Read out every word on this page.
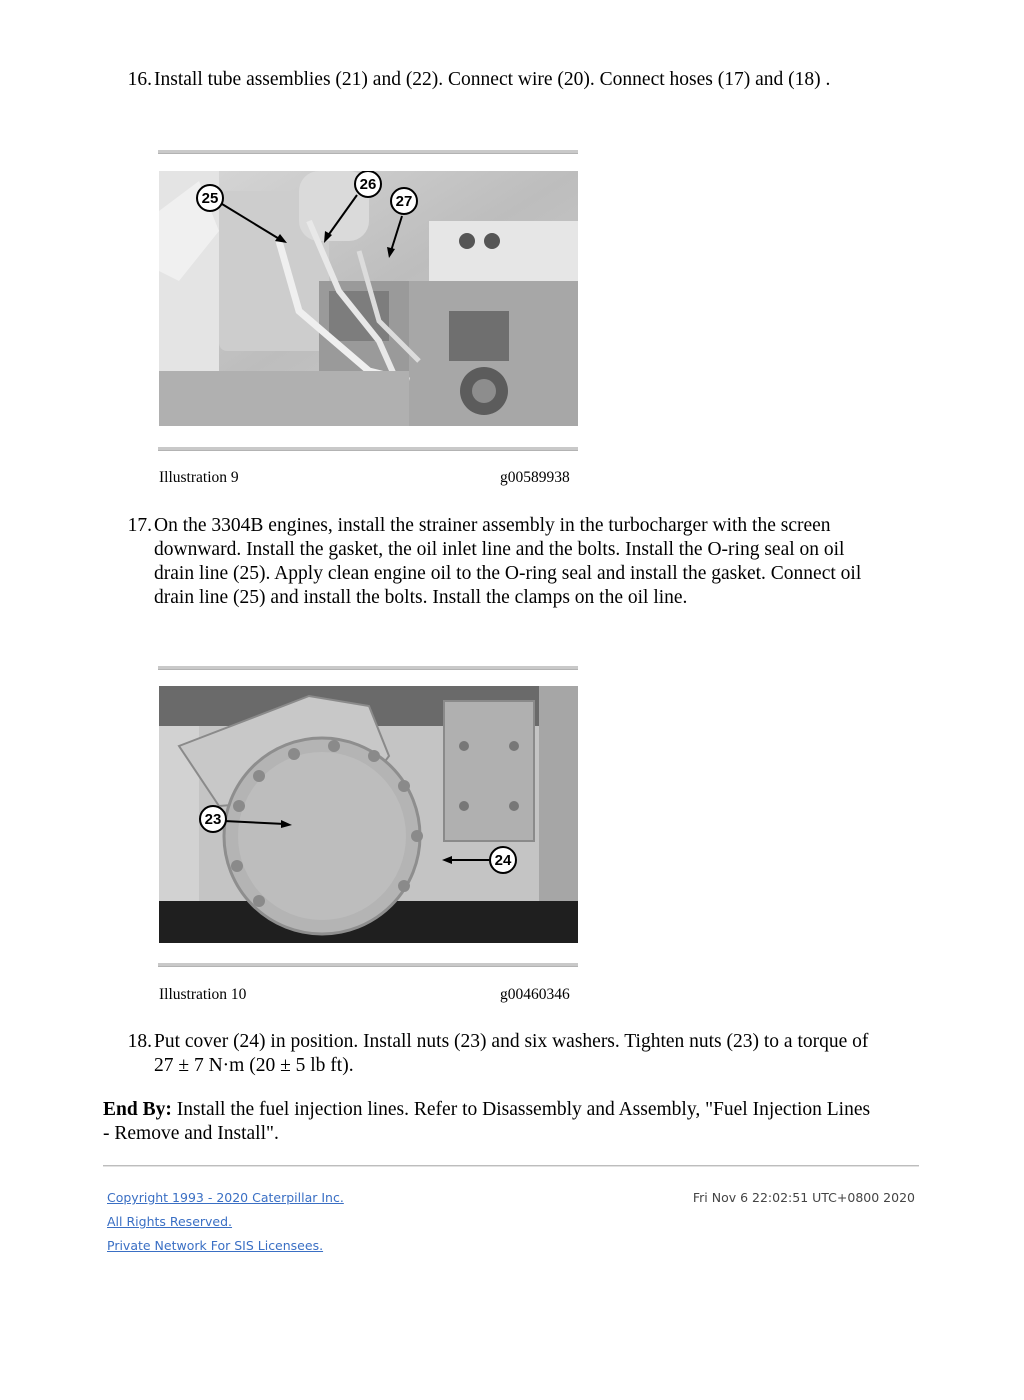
16. Install tube assemblies (21) and (22). Connect wire (20). Connect hoses (17) and (18) .
25
26
27
Illustration 9	g00589938
17. On the 3304B engines, install the strainer assembly in the turbocharger with the screen
downward. Install the gasket, the oil inlet line and the bolts. Install the O-ring seal on oil
drain line (25). Apply clean engine oil to the O-ring seal and install the gasket. Connect oil
drain line (25) and install the bolts. Install the clamps on the oil line.
23
24
Illustration 10	g00460346
18. Put cover (24) in position. Install nuts (23) and six washers. Tighten nuts (23) to a torque of
27 ± 7 N·m (20 ± 5 lb ft).
End By: Install the fuel injection lines. Refer to Disassembly and Assembly, "Fuel Injection Lines
- Remove and Install".
Copyright 1993 - 2020 Caterpillar Inc.
All Rights Reserved.
Private Network For SIS Licensees.
Fri Nov 6 22:02:51 UTC+0800 2020
